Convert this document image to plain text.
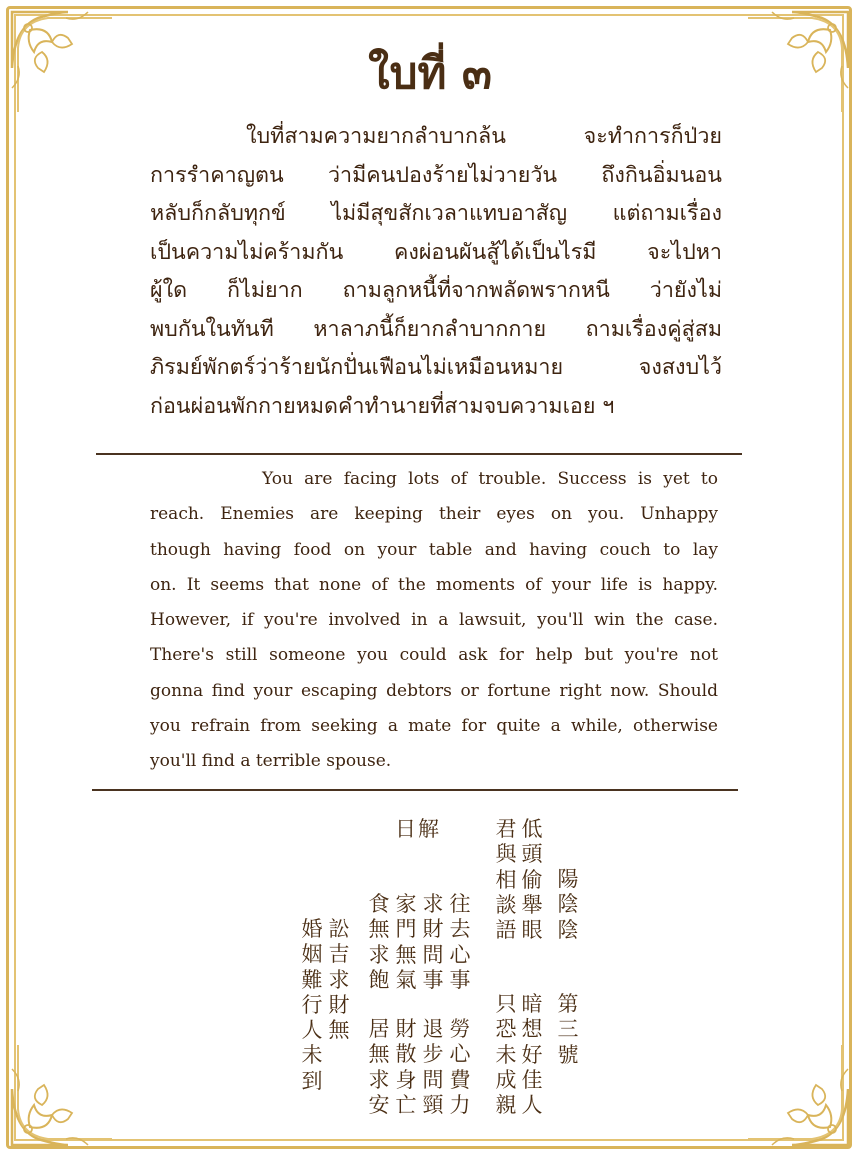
ใบที่ ๓
ใบที่สามความยากลำบากล้น จะทำการก็ป่วย
การรำคาญตน ว่ามีคนปองร้ายไม่วายวัน ถึงกินอิ่มนอน
หลับก็กลับทุกข์ ไม่มีสุขสักเวลาแทบอาสัญ แต่ถามเรื่อง
เป็นความไม่คร้ามกัน คงผ่อนผันสู้ได้เป็นไรมี จะไปหา
ผู้ใด ก็ไม่ยาก ถามลูกหนี้ที่จากพลัดพรากหนี ว่ายังไม่
พบกันในทันที หาลาภนี้ก็ยากลำบากกาย ถามเรื่องคู่สู่สม
ภิรมย์พักตร์ว่าร้ายนักปั่นเฟือนไม่เหมือนหมาย จงสงบไว้
ก่อนผ่อนพักกายหมดคำทำนายที่สามจบความเอย ฯ
You are facing lots of trouble. Success is yet to
reach. Enemies are keeping their eyes on you. Unhappy
though having food on your table and having couch to lay
on. It seems that none of the moments of your life is happy.
However, if you're involved in a lawsuit, you'll win the case.
There's still someone you could ask for help but you're not
gonna find your escaping debtors or fortune right now. Should
you refrain from seeking a mate for quite a while, otherwise
you'll find a terrible spouse.
日解
第
三
號
陽
陰
陰
低
頭
偷
舉
眼
君
與
相
談
語
暗
想
好
佳
人
只
恐
未
成
親
往
去
心
事
求
財
問
事
家
門
無
氣
食
無
求
飽
勞
心
費
力
退
步
問
頸
財
散
身
亡
居
無
求
安
訟
吉
求
財
無
婚
姻
難
行
人
未
到
